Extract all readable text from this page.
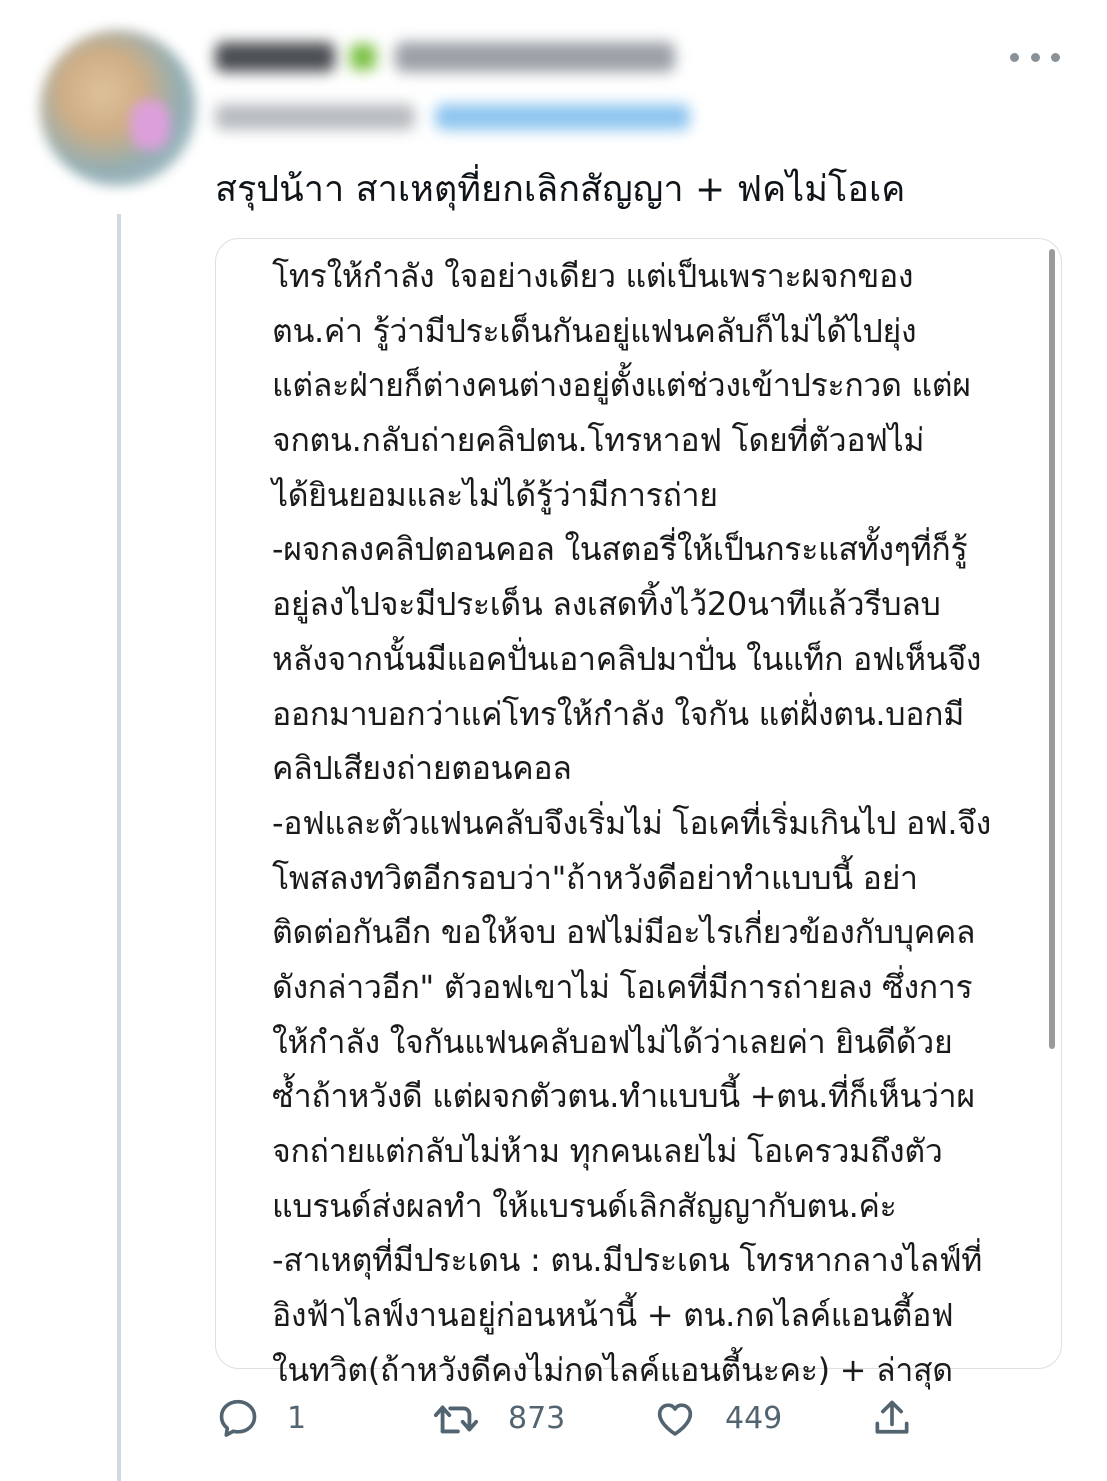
สรุปน้าา สาเหตุที่ยกเลิกสัญญา + ฟคไม่โอเค
โทรให้กำลัง ใจอย่างเดียว แต่เป็นเพราะผจกของ
ตน.ค่า รู้ว่ามีประเด็นกันอยู่แฟนคลับก็ไม่ได้ไปยุ่ง
แต่ละฝ่ายก็ต่างคนต่างอยู่ตั้งแต่ช่วงเข้าประกวด แต่ผ
จกตน.กลับถ่ายคลิปตน.โทรหาอฟ โดยที่ตัวอฟไม่
ได้ยินยอมและไม่ได้รู้ว่ามีการถ่าย
-ผจกลงคลิปตอนคอล ในสตอรี่ให้เป็นกระแสทั้งๆที่ก็รู้
อยู่ลงไปจะมีประเด็น ลงเสดทิ้งไว้20นาทีแล้วรีบลบ
หลังจากนั้นมีแอคปั่นเอาคลิปมาปั่น ในแท็ก อฟเห็นจึง
ออกมาบอกว่าแค่โทรให้กำลัง ใจกัน แต่ฝั่งตน.บอกมี
คลิปเสียงถ่ายตอนคอล
-อฟและตัวแฟนคลับจึงเริ่มไม่ โอเคที่เริ่มเกินไป อฟ.จึง
โพสลงทวิตอีกรอบว่า"ถ้าหวังดีอย่าทำแบบนี้ อย่า
ติดต่อกันอีก ขอให้จบ อฟไม่มีอะไรเกี่ยวข้องกับบุคคล
ดังกล่าวอีก" ตัวอฟเขาไม่ โอเคที่มีการถ่ายลง ซึ่งการ
ให้กำลัง ใจกันแฟนคลับอฟไม่ได้ว่าเลยค่า ยินดีด้วย
ซ้ำถ้าหวังดี แต่ผจกตัวตน.ทำแบบนี้ +ตน.ที่ก็เห็นว่าผ
จกถ่ายแต่กลับไม่ห้าม ทุกคนเลยไม่ โอเครวมถึงตัว
แบรนด์ส่งผลทำ ให้แบรนด์เลิกสัญญากับตน.ค่ะ
-สาเหตุที่มีประเดน : ตน.มีประเดน โทรหากลางไลฟ์ที่
อิงฟ้าไลฟ์งานอยู่ก่อนหน้านี้ + ตน.กดไลค์แอนตี้อฟ
ในทวิต(ถ้าหวังดีคงไม่กดไลค์แอนตี้นะคะ) + ล่าสุด
1	873	449
